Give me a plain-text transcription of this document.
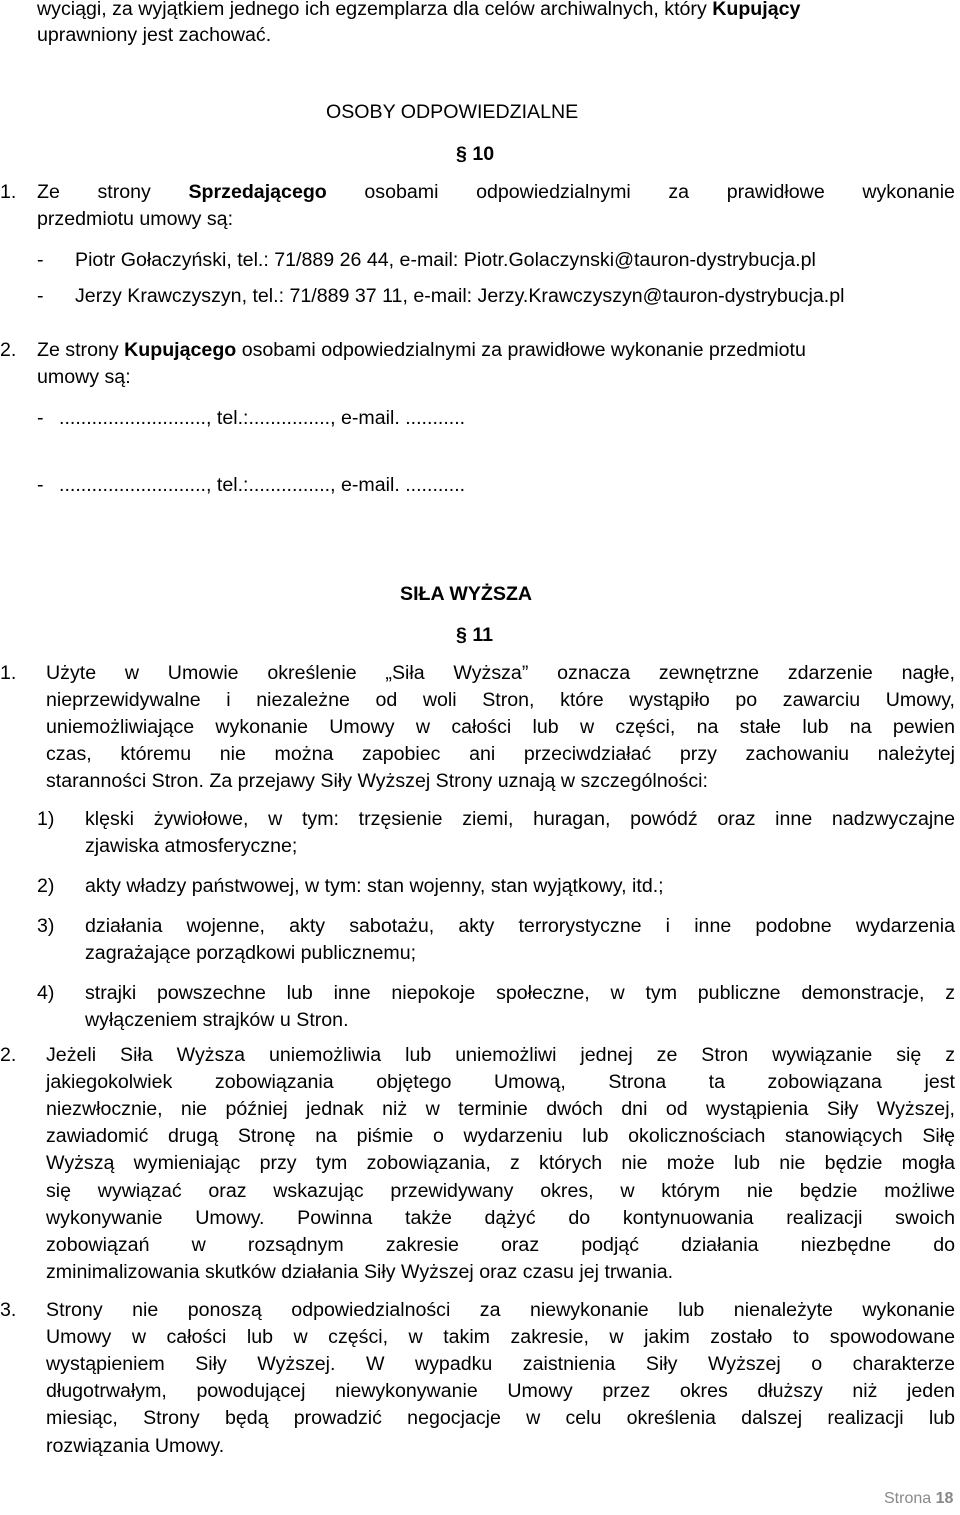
wyciągi, za wyjątkiem jednego ich egzemplarza dla celów archiwalnych, który Kupujący
uprawniony jest zachować.
OSOBY ODPOWIEDZIALNE
§ 10
1. Ze strony Sprzedającego osobami odpowiedzialnymi za prawidłowe wykonanie
przedmiotu umowy są:
- Piotr Gołaczyński, tel.: 71/889 26 44, e-mail: Piotr.Golaczynski@tauron-dystrybucja.pl
- Jerzy Krawczyszyn, tel.: 71/889 37 11, e-mail: Jerzy.Krawczyszyn@tauron-dystrybucja.pl
2. Ze strony Kupującego osobami odpowiedzialnymi za prawidłowe wykonanie przedmiotu
umowy są:
- ..........................., tel.:..............., e-mail. ...........
- ..........................., tel.:..............., e-mail. ...........
SIŁA WYŻSZA
§ 11
1. Użyte w Umowie określenie „Siła Wyższa” oznacza zewnętrzne zdarzenie nagłe,
nieprzewidywalne i niezależne od woli Stron, które wystąpiło po zawarciu Umowy,
uniemożliwiające wykonanie Umowy w całości lub w części, na stałe lub na pewien
czas, któremu nie można zapobiec ani przeciwdziałać przy zachowaniu należytej
staranności Stron. Za przejawy Siły Wyższej Strony uznają w szczególności:
1) klęski żywiołowe, w tym: trzęsienie ziemi, huragan, powódź oraz inne nadzwyczajne
zjawiska atmosferyczne;
2) akty władzy państwowej, w tym: stan wojenny, stan wyjątkowy, itd.;
3) działania wojenne, akty sabotażu, akty terrorystyczne i inne podobne wydarzenia
zagrażające porządkowi publicznemu;
4) strajki powszechne lub inne niepokoje społeczne, w tym publiczne demonstracje, z
wyłączeniem strajków u Stron.
2. Jeżeli Siła Wyższa uniemożliwia lub uniemożliwi jednej ze Stron wywiązanie się z
jakiegokolwiek zobowiązania objętego Umową, Strona ta zobowiązana jest
niezwłocznie, nie później jednak niż w terminie dwóch dni od wystąpienia Siły Wyższej,
zawiadomić drugą Stronę na piśmie o wydarzeniu lub okolicznościach stanowiących Siłę
Wyższą wymieniając przy tym zobowiązania, z których nie może lub nie będzie mogła
się wywiązać oraz wskazując przewidywany okres, w którym nie będzie możliwe
wykonywanie Umowy. Powinna także dążyć do kontynuowania realizacji swoich
zobowiązań w rozsądnym zakresie oraz podjąć działania niezbędne do
zminimalizowania skutków działania Siły Wyższej oraz czasu jej trwania.
3. Strony nie ponoszą odpowiedzialności za niewykonanie lub nienależyte wykonanie
Umowy w całości lub w części, w takim zakresie, w jakim zostało to spowodowane
wystąpieniem Siły Wyższej. W wypadku zaistnienia Siły Wyższej o charakterze
długotrwałym, powodującej niewykonywanie Umowy przez okres dłuższy niż jeden
miesiąc, Strony będą prowadzić negocjacje w celu określenia dalszej realizacji lub
rozwiązania Umowy.
Strona 18
